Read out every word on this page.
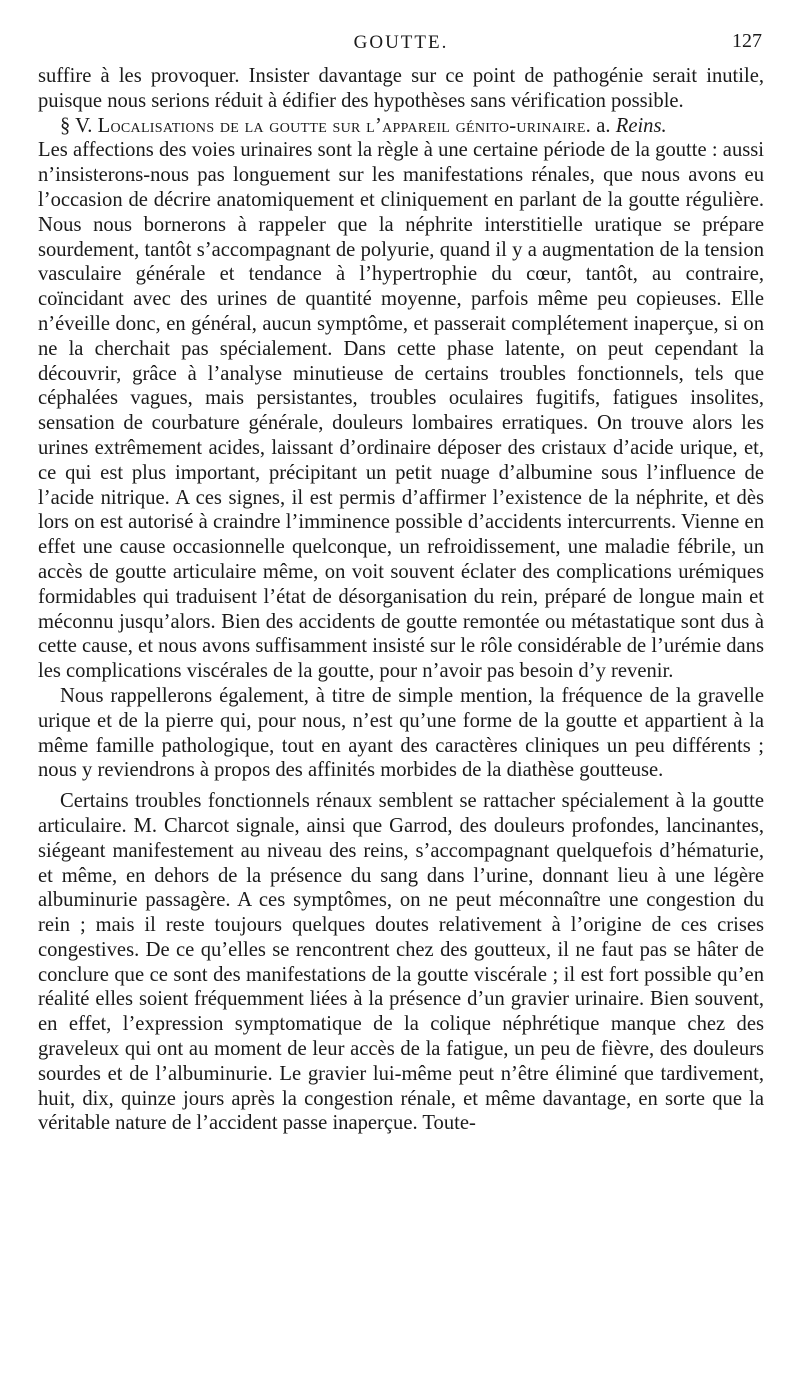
GOUTTE.	127

suffire à les provoquer. Insister davantage sur ce point de pathogénie serait inutile, puisque nous serions réduit à édifier des hypothèses sans vérification possible.

§ V. Localisations de la goutte sur l’appareil génito-urinaire. a. Reins.

Les affections des voies urinaires sont la règle à une certaine période de la goutte : aussi n’insisterons-nous pas longuement sur les manifestations rénales, que nous avons eu l’occasion de décrire anatomiquement et cliniquement en parlant de la goutte régulière. Nous nous bornerons à rappeler que la néphrite interstitielle uratique se prépare sourdement, tantôt s’accompagnant de polyurie, quand il y a augmentation de la tension vasculaire générale et tendance à l’hypertrophie du cœur, tantôt, au contraire, coïncidant avec des urines de quantité moyenne, parfois même peu copieuses. Elle n’éveille donc, en général, aucun symptôme, et passerait complétement inaperçue, si on ne la cherchait pas spécialement. Dans cette phase latente, on peut cependant la découvrir, grâce à l’analyse minutieuse de certains troubles fonctionnels, tels que céphalées vagues, mais persistantes, troubles oculaires fugitifs, fatigues insolites, sensation de courbature générale, douleurs lombaires erratiques. On trouve alors les urines extrêmement acides, laissant d’ordinaire déposer des cristaux d’acide urique, et, ce qui est plus important, précipitant un petit nuage d’albumine sous l’influence de l’acide nitrique. A ces signes, il est permis d’affirmer l’existence de la néphrite, et dès lors on est autorisé à craindre l’imminence possible d’accidents intercurrents. Vienne en effet une cause occasionnelle quelconque, un refroidissement, une maladie fébrile, un accès de goutte articulaire même, on voit souvent éclater des complications urémiques formidables qui traduisent l’état de désorganisation du rein, préparé de longue main et méconnu jusqu’alors. Bien des accidents de goutte remontée ou métastatique sont dus à cette cause, et nous avons suffisamment insisté sur le rôle considérable de l’urémie dans les complications viscérales de la goutte, pour n’avoir pas besoin d’y revenir.

Nous rappellerons également, à titre de simple mention, la fréquence de la gravelle urique et de la pierre qui, pour nous, n’est qu’une forme de la goutte et appartient à la même famille pathologique, tout en ayant des caractères cliniques un peu différents ; nous y reviendrons à propos des affinités morbides de la diathèse goutteuse.

Certains troubles fonctionnels rénaux semblent se rattacher spécialement à la goutte articulaire. M. Charcot signale, ainsi que Garrod, des douleurs profondes, lancinantes, siégeant manifestement au niveau des reins, s’accompagnant quelquefois d’hématurie, et même, en dehors de la présence du sang dans l’urine, donnant lieu à une légère albuminurie passagère. A ces symptômes, on ne peut méconnaître une congestion du rein ; mais il reste toujours quelques doutes relativement à l’origine de ces crises congestives. De ce qu’elles se rencontrent chez des goutteux, il ne faut pas se hâter de conclure que ce sont des manifestations de la goutte viscérale ; il est fort possible qu’en réalité elles soient fréquemment liées à la présence d’un gravier urinaire. Bien souvent, en effet, l’expression symptomatique de la colique néphrétique manque chez des graveleux qui ont au moment de leur accès de la fatigue, un peu de fièvre, des douleurs sourdes et de l’albuminurie. Le gravier lui-même peut n’être éliminé que tardivement, huit, dix, quinze jours après la congestion rénale, et même davantage, en sorte que la véritable nature de l’accident passe inaperçue. Toute-
